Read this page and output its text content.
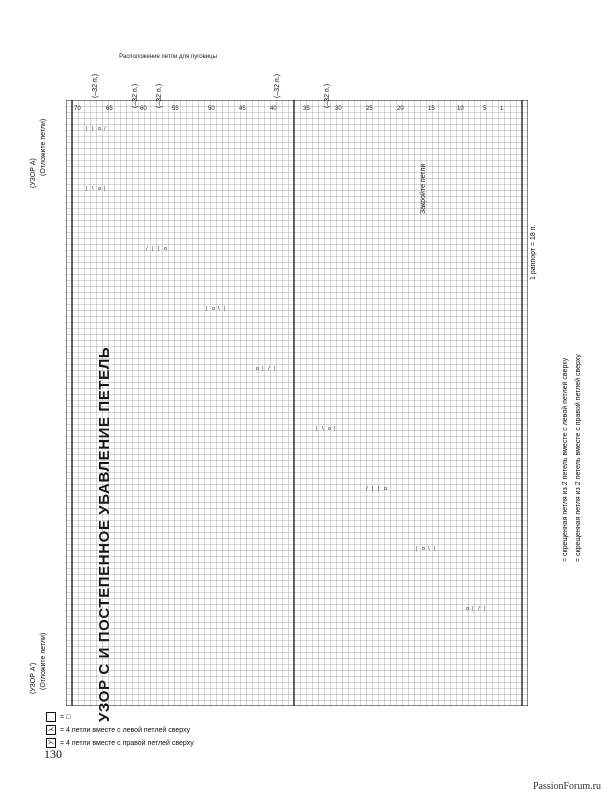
(УЗОР А) (Отложите петли)
(УЗОР А') (Отложите петли)
Расположение петли для пуговицы
1 раппорт = 18 п.
| | o /
| \ o |
/ | | o
| o \ |
o | / |
| \ o |
/ | | o
| o \ |
o | / |
1
5
10
15
20
25
30
35
40
45
50
55
60
65
70
(–32 п.)	(–32 п.) (–32 п.)	(–32 п.)	(–32 п.)
= □
⋌ = 4 петли вместе с левой петлей сверху
⋋ = 4 петли вместе с правой петлей сверху
= скрещенная петля из 2 петель вместе с левой петлей сверху = скрещенная петля из 2 петель вместе с правой петлей сверху
130
PassionForum.ru
